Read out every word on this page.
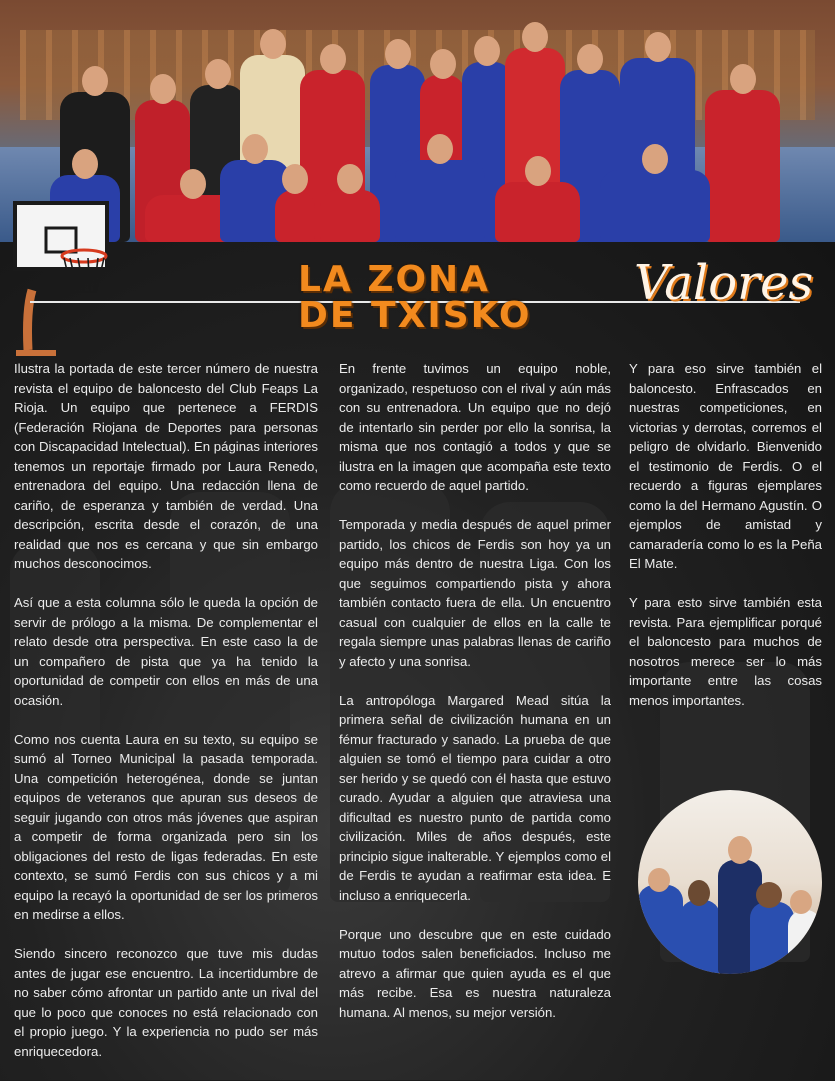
LA ZONA
DE TXISKO
Valores

Ilustra la portada de este tercer número de nuestra revista el equipo de baloncesto del Club Feaps La Rioja. Un equipo que pertenece a FERDIS (Federación Riojana de Deportes para personas con Discapacidad Intelectual). En páginas interiores tenemos un reportaje firmado por Laura Renedo, entrenadora del equipo. Una redacción llena de cariño, de esperanza y también de verdad. Una descripción, escrita desde el corazón, de una realidad que nos es cercana y que sin embargo muchos desconocimos.

Así que a esta columna sólo le queda la opción de servir de prólogo a la misma. De complementar el relato desde otra perspectiva. En este caso la de un compañero de pista que ya ha tenido la oportunidad de competir con ellos en más de una ocasión.

Como nos cuenta Laura en su texto, su equipo se sumó al Torneo Municipal la pasada temporada. Una competición heterogénea, donde se juntan equipos de veteranos que apuran sus deseos de seguir jugando con otros más jóvenes que aspiran a competir de forma organizada pero sin los obligaciones del resto de ligas federadas. En este contexto, se sumó Ferdis con sus chicos y a mi equipo la recayó la oportunidad de ser los primeros en medirse a ellos.

Siendo sincero reconozco que tuve mis dudas antes de jugar ese encuentro. La incertidumbre de no saber cómo afrontar un partido ante un rival del que lo poco que conoces no está relacionado con el propio juego. Y la experiencia no pudo ser más enriquecedora.

En frente tuvimos un equipo noble, organizado, respetuoso con el rival y aún más con su entrenadora. Un equipo que no dejó de intentarlo sin perder por ello la sonrisa, la misma que nos contagió a todos y que se ilustra en la imagen que acompaña este texto como recuerdo de aquel partido.

Temporada y media después de aquel primer partido, los chicos de Ferdis son hoy ya un equipo más dentro de nuestra Liga. Con los que seguimos compartiendo pista y ahora también contacto fuera de ella. Un encuentro casual con cualquier de ellos en la calle te regala siempre unas palabras llenas de cariño y afecto y una sonrisa.

La antropóloga Margared Mead sitúa la primera señal de civilización humana en un fémur fracturado y sanado. La prueba de que alguien se tomó el tiempo para cuidar a otro ser herido y se quedó con él hasta que estuvo curado. Ayudar a alguien que atraviesa una dificultad es nuestro punto de partida como civilización. Miles de años después, este principio sigue inalterable. Y ejemplos como el de Ferdis te ayudan a reafirmar esta idea. E incluso a enriquecerla.

Porque uno descubre que en este cuidado mutuo todos salen beneficiados. Incluso me atrevo a afirmar que quien ayuda es el que más recibe. Esa es nuestra naturaleza humana. Al menos, su mejor versión.

Y para eso sirve también el baloncesto. Enfrascados en nuestras competiciones, en victorias y derrotas, corremos el peligro de olvidarlo. Bienvenido el testimonio de Ferdis. O el recuerdo a figuras ejemplares como la del Hermano Agustín. O ejemplos de amistad y camaradería como lo es la Peña El Mate.

Y para esto sirve también esta revista. Para ejemplificar porqué el baloncesto para muchos de nosotros merece ser lo más importante entre las cosas menos importantes.
